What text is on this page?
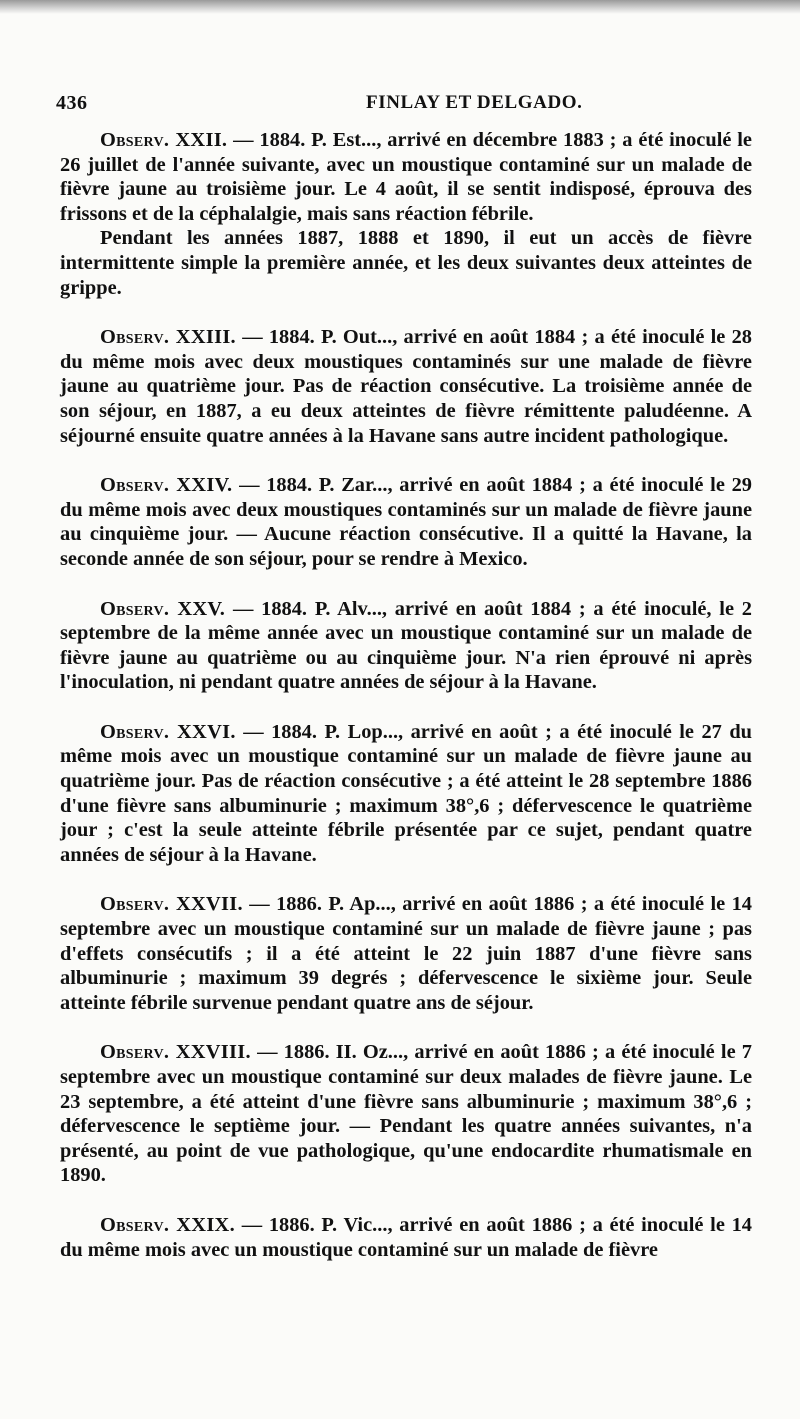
436	FINLAY ET DELGADO.

Observ. XXII. — 1884. P. Est..., arrivé en décembre 1883 ; a été inoculé le 26 juillet de l'année suivante, avec un moustique contaminé sur un malade de fièvre jaune au troisième jour. Le 4 août, il se sentit indisposé, éprouva des frissons et de la céphalalgie, mais sans réaction fébrile.

Pendant les années 1887, 1888 et 1890, il eut un accès de fièvre intermittente simple la première année, et les deux suivantes deux atteintes de grippe.

Observ. XXIII. — 1884. P. Out..., arrivé en août 1884 ; a été inoculé le 28 du même mois avec deux moustiques contaminés sur une malade de fièvre jaune au quatrième jour. Pas de réaction consécutive. La troisième année de son séjour, en 1887, a eu deux atteintes de fièvre rémittente paludéenne. A séjourné ensuite quatre années à la Havane sans autre incident pathologique.

Observ. XXIV. — 1884. P. Zar..., arrivé en août 1884 ; a été inoculé le 29 du même mois avec deux moustiques contaminés sur un malade de fièvre jaune au cinquième jour. — Aucune réaction consécutive. Il a quitté la Havane, la seconde année de son séjour, pour se rendre à Mexico.

Observ. XXV. — 1884. P. Alv..., arrivé en août 1884 ; a été inoculé, le 2 septembre de la même année avec un moustique contaminé sur un malade de fièvre jaune au quatrième ou au cinquième jour. N'a rien éprouvé ni après l'inoculation, ni pendant quatre années de séjour à la Havane.

Observ. XXVI. — 1884. P. Lop..., arrivé en août ; a été inoculé le 27 du même mois avec un moustique contaminé sur un malade de fièvre jaune au quatrième jour. Pas de réaction consécutive ; a été atteint le 28 septembre 1886 d'une fièvre sans albuminurie ; maximum 38°,6 ; défervescence le quatrième jour ; c'est la seule atteinte fébrile présentée par ce sujet, pendant quatre années de séjour à la Havane.

Observ. XXVII. — 1886. P. Ap..., arrivé en août 1886 ; a été inoculé le 14 septembre avec un moustique contaminé sur un malade de fièvre jaune ; pas d'effets consécutifs ; il a été atteint le 22 juin 1887 d'une fièvre sans albuminurie ; maximum 39 degrés ; défervescence le sixième jour. Seule atteinte fébrile survenue pendant quatre ans de séjour.

Observ. XXVIII. — 1886. II. Oz..., arrivé en août 1886 ; a été inoculé le 7 septembre avec un moustique contaminé sur deux malades de fièvre jaune. Le 23 septembre, a été atteint d'une fièvre sans albuminurie ; maximum 38°,6 ; défervescence le septième jour. — Pendant les quatre années suivantes, n'a présenté, au point de vue pathologique, qu'une endocardite rhumatismale en 1890.

Observ. XXIX. — 1886. P. Vic..., arrivé en août 1886 ; a été inoculé le 14 du même mois avec un moustique contaminé sur un malade de fièvre
